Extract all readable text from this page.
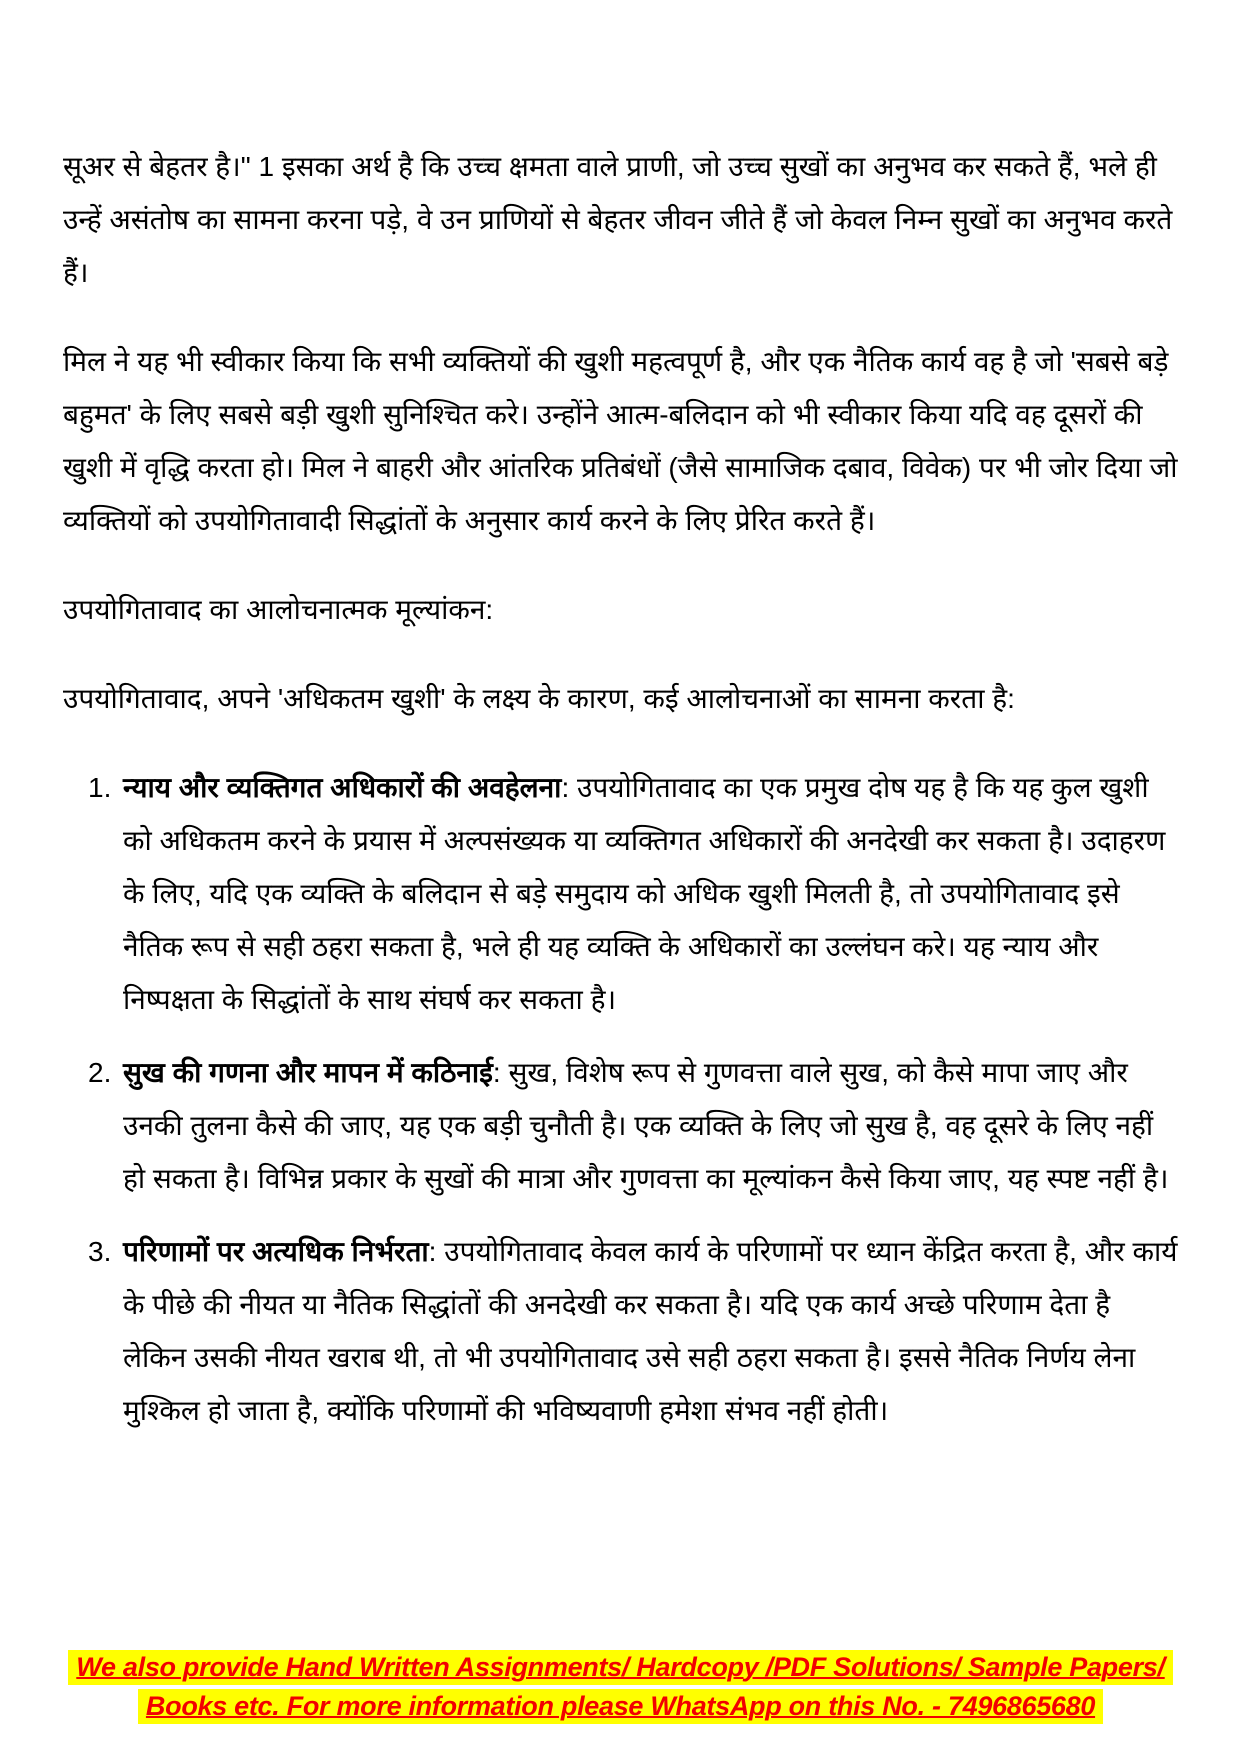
सूअर से बेहतर है।" 1 इसका अर्थ है कि उच्च क्षमता वाले प्राणी, जो उच्च सुखों का अनुभव कर सकते हैं, भले ही उन्हें असंतोष का सामना करना पड़े, वे उन प्राणियों से बेहतर जीवन जीते हैं जो केवल निम्न सुखों का अनुभव करते हैं।

मिल ने यह भी स्वीकार किया कि सभी व्यक्तियों की खुशी महत्वपूर्ण है, और एक नैतिक कार्य वह है जो 'सबसे बड़े बहुमत' के लिए सबसे बड़ी खुशी सुनिश्चित करे। उन्होंने आत्म-बलिदान को भी स्वीकार किया यदि वह दूसरों की खुशी में वृद्धि करता हो। मिल ने बाहरी और आंतरिक प्रतिबंधों (जैसे सामाजिक दबाव, विवेक) पर भी जोर दिया जो व्यक्तियों को उपयोगितावादी सिद्धांतों के अनुसार कार्य करने के लिए प्रेरित करते हैं।

उपयोगितावाद का आलोचनात्मक मूल्यांकन:

उपयोगितावाद, अपने 'अधिकतम खुशी' के लक्ष्य के कारण, कई आलोचनाओं का सामना करता है:

1. न्याय और व्यक्तिगत अधिकारों की अवहेलना: उपयोगितावाद का एक प्रमुख दोष यह है कि यह कुल खुशी को अधिकतम करने के प्रयास में अल्पसंख्यक या व्यक्तिगत अधिकारों की अनदेखी कर सकता है। उदाहरण के लिए, यदि एक व्यक्ति के बलिदान से बड़े समुदाय को अधिक खुशी मिलती है, तो उपयोगितावाद इसे नैतिक रूप से सही ठहरा सकता है, भले ही यह व्यक्ति के अधिकारों का उल्लंघन करे। यह न्याय और निष्पक्षता के सिद्धांतों के साथ संघर्ष कर सकता है।
2. सुख की गणना और मापन में कठिनाई: सुख, विशेष रूप से गुणवत्ता वाले सुख, को कैसे मापा जाए और उनकी तुलना कैसे की जाए, यह एक बड़ी चुनौती है। एक व्यक्ति के लिए जो सुख है, वह दूसरे के लिए नहीं हो सकता है। विभिन्न प्रकार के सुखों की मात्रा और गुणवत्ता का मूल्यांकन कैसे किया जाए, यह स्पष्ट नहीं है।
3. परिणामों पर अत्यधिक निर्भरता: उपयोगितावाद केवल कार्य के परिणामों पर ध्यान केंद्रित करता है, और कार्य के पीछे की नीयत या नैतिक सिद्धांतों की अनदेखी कर सकता है। यदि एक कार्य अच्छे परिणाम देता है लेकिन उसकी नीयत खराब थी, तो भी उपयोगितावाद उसे सही ठहरा सकता है। इससे नैतिक निर्णय लेना मुश्किल हो जाता है, क्योंकि परिणामों की भविष्यवाणी हमेशा संभव नहीं होती।
We also provide Hand Written Assignments/ Hardcopy /PDF Solutions/ Sample Papers/
Books etc. For more information please WhatsApp on this No. - 7496865680
